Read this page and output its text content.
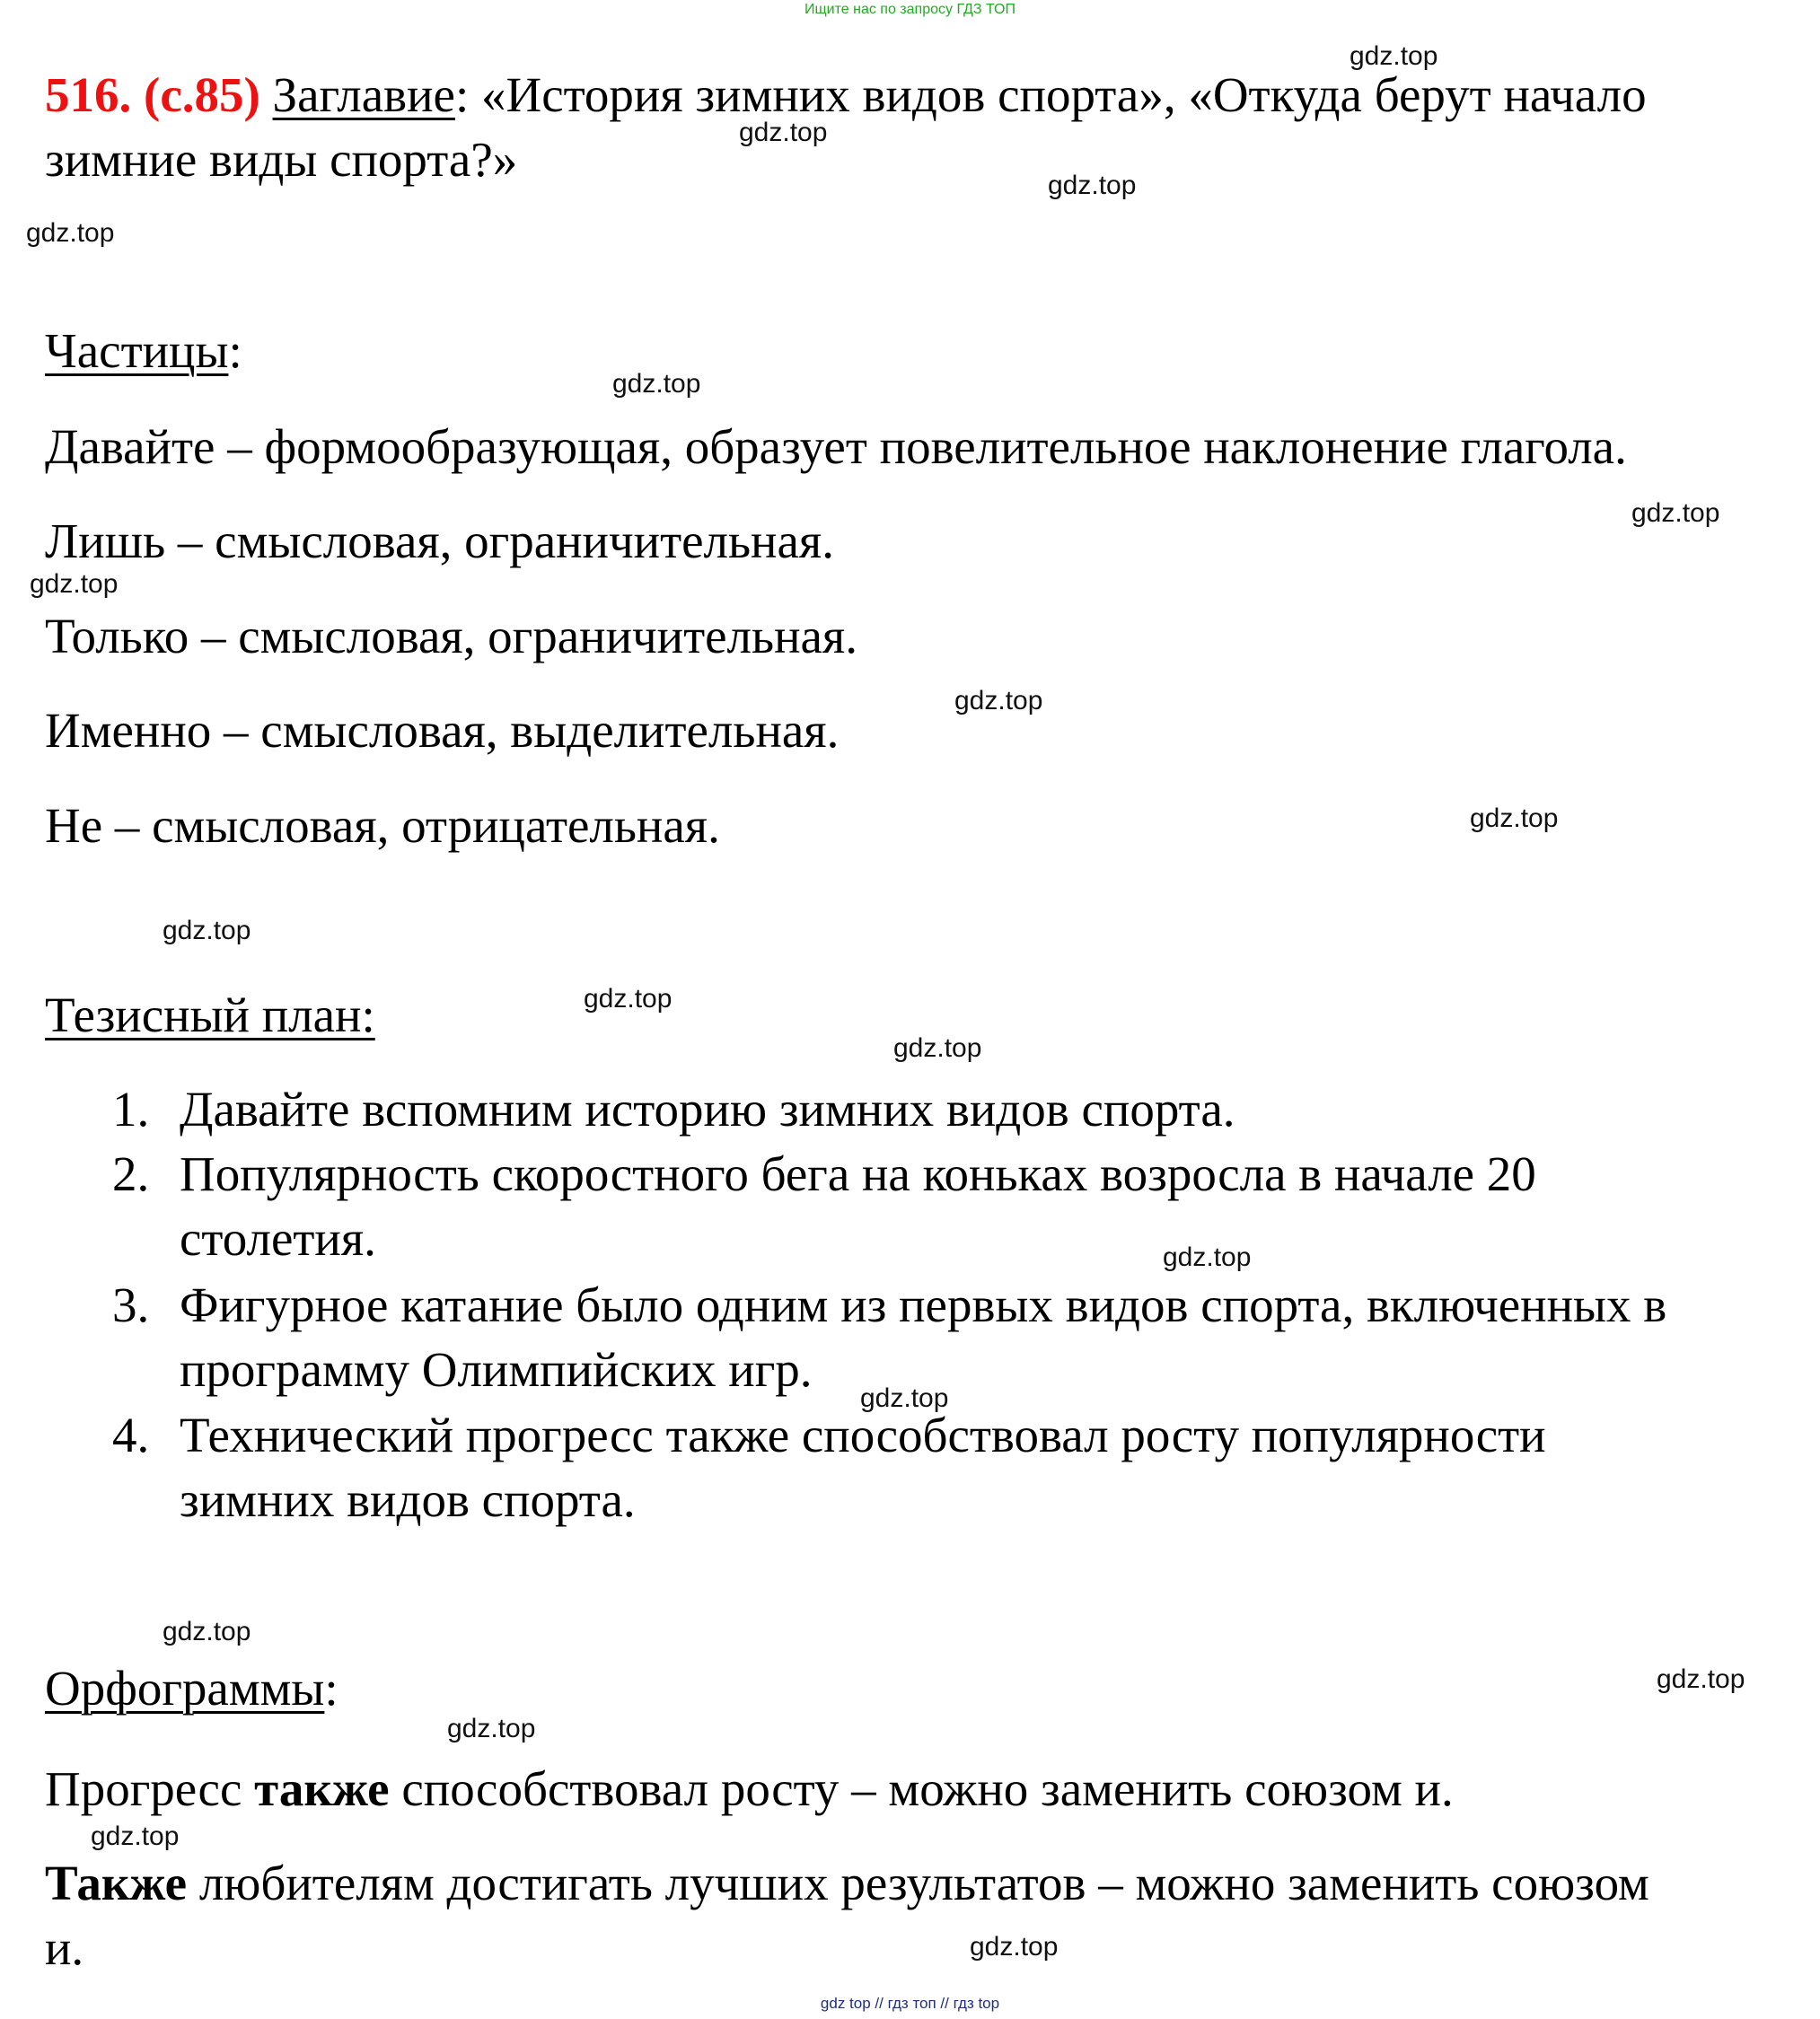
Ищите нас по запросу ГДЗ ТОП
516. (с.85) Заглавие: «История зимних видов спорта», «Откуда берут начало
зимние виды спорта?»
Частицы:
Давайте – формообразующая, образует повелительное наклонение глагола.
Лишь – смысловая, ограничительная.
Только – смысловая, ограничительная.
Именно – смысловая, выделительная.
Не – смысловая, отрицательная.
Тезисный план:
1. Давайте вспомним историю зимних видов спорта.
2. Популярность скоростного бега на коньках возросла в начале 20
столетия.
3. Фигурное катание было одним из первых видов спорта, включенных в
программу Олимпийских игр.
4. Технический прогресс также способствовал росту популярности
зимних видов спорта.
Орфограммы:
Прогресс также способствовал росту – можно заменить союзом и.
Также любителям достигать лучших результатов – можно заменить союзом
и.
gdz.top
gdz.top
gdz.top
gdz.top
gdz.top
gdz.top
gdz.top
gdz.top
gdz.top
gdz.top
gdz.top
gdz.top
gdz.top
gdz.top
gdz.top
gdz.top
gdz.top
gdz.top
gdz.top
gdz top // гдз топ // гдз top
